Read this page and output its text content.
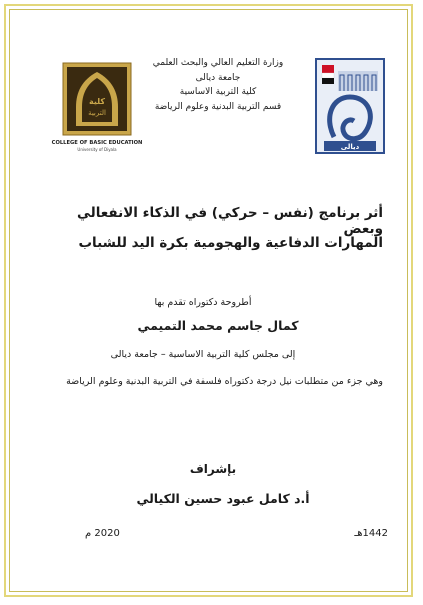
كلية
التربية
COLLEGE OF BASIC EDUCATION
University of Diyala	ديالى
وزارة التعليم العالي والبحث العلمي
جامعة ديالى
كلية التربية الاساسية
قسم التربية البدنية وعلوم الرياضة
أثر برنامج (نفس – حركي) في الذكاء الانفعالي وبعض
المهارات الدفاعية والهجومية بكرة اليد للشباب
أطروحة دكتوراه تقدم بها
كمال جاسم محمد التميمي
إلى مجلس كلية التربية الاساسية – جامعة ديالى
وهي جزء من متطلبات نيل درجة دكتوراه فلسفة في التربية البدنية وعلوم الرياضة
بإشراف
أ.د كامل عبود حسين الكيالي
1442هـ
2020 م
